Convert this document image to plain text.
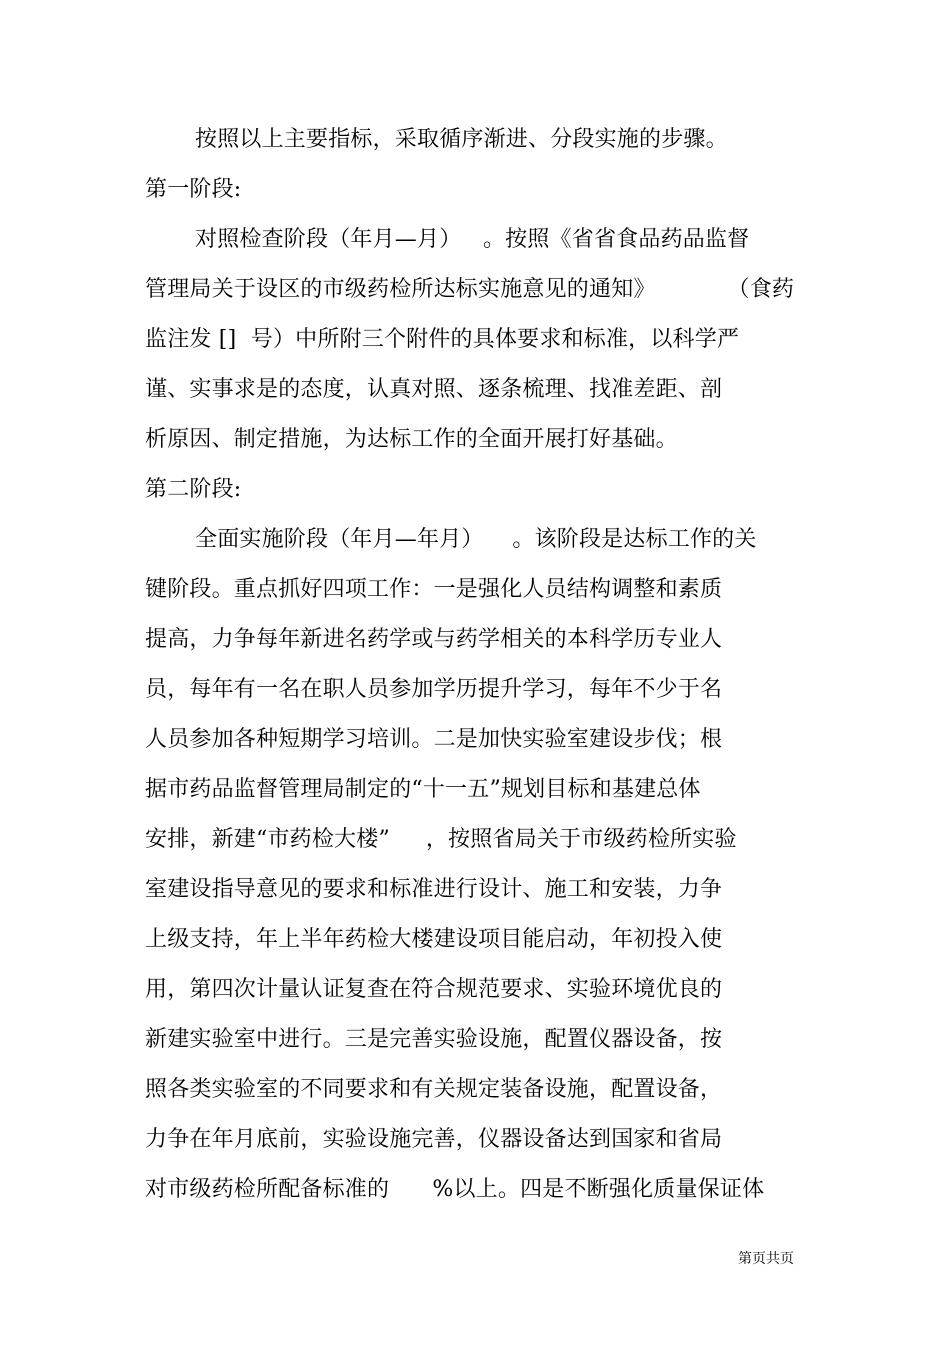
按照以上主要指标，采取循序渐进、分段实施的步骤。
第一阶段:
对照检查阶段（年月—月）   。按照《省省食品药品监督
管理局关于设区的市级药检所达标实施意见的通知》          （食药
监注发 []  号）中所附三个附件的具体要求和标准，以科学严
谨、实事求是的态度，认真对照、逐条梳理、找准差距、剖
析原因、制定措施，为达标工作的全面开展打好基础。
第二阶段:
全面实施阶段（年月—年月）    。该阶段是达标工作的关
键阶段。重点抓好四项工作：一是强化人员结构调整和素质
提高，力争每年新进名药学或与药学相关的本科学历专业人
员，每年有一名在职人员参加学历提升学习，每年不少于名
人员参加各种短期学习培训。二是加快实验室建设步伐；根
据市药品监督管理局制定的“十一五”规划目标和基建总体
安排，新建“市药检大楼”     ，按照省局关于市级药检所实验
室建设指导意见的要求和标准进行设计、施工和安装，力争
上级支持，年上半年药检大楼建设项目能启动，年初投入使
用，第四次计量认证复查在符合规范要求、实验环境优良的
新建实验室中进行。三是完善实验设施，配置仪器设备，按
照各类实验室的不同要求和有关规定装备设施，配置设备，
力争在年月底前，实验设施完善，仪器设备达到国家和省局
对市级药检所配备标准的      %以上。四是不断强化质量保证体
第页共页
